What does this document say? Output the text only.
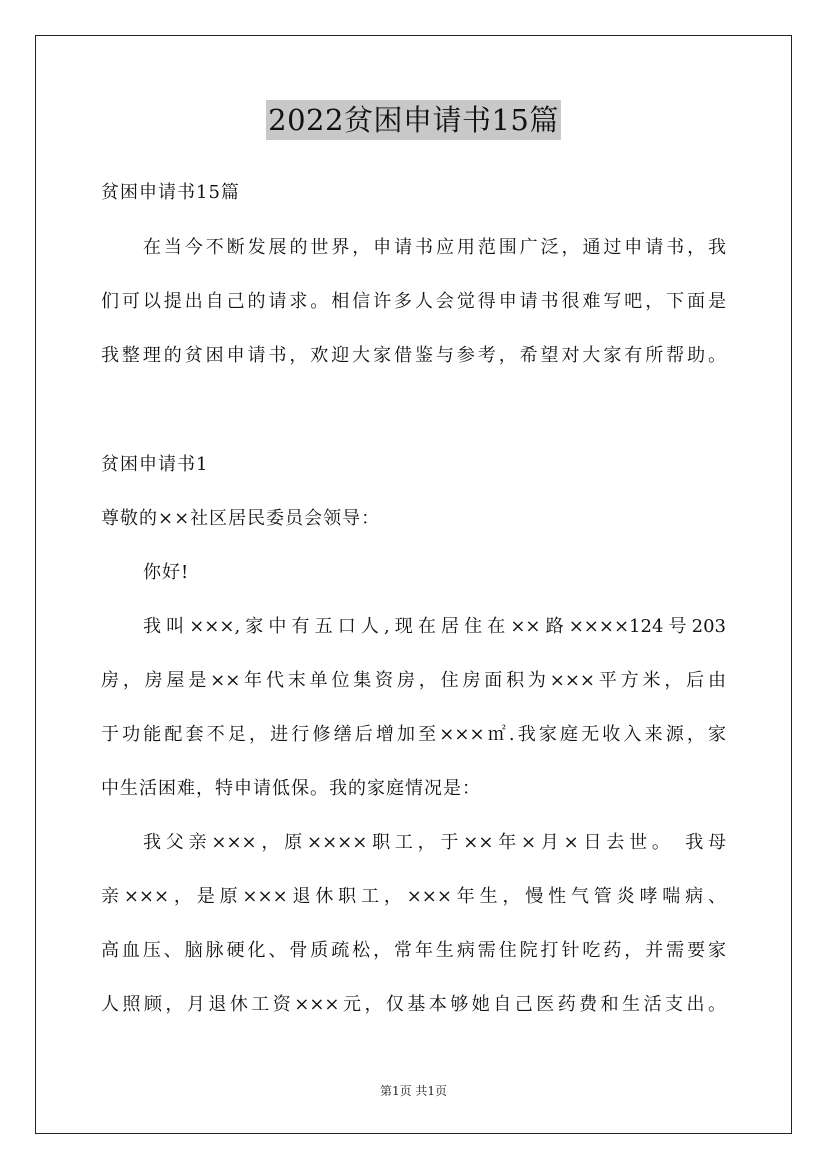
2022贫困申请书15篇
贫困申请书15篇
在当今不断发展的世界，申请书应用范围广泛，通过申请书，我
们可以提出自己的请求。相信许多人会觉得申请书很难写吧，下面是
我整理的贫困申请书，欢迎大家借鉴与参考，希望对大家有所帮助。
贫困申请书1
尊敬的××社区居民委员会领导：
你好!
我叫×××,家中有五口人,现在居住在××路××××124号203
房，房屋是××年代末单位集资房，住房面积为×××平方米，后由
于功能配套不足，进行修缮后增加至×××㎡.我家庭无收入来源，家
中生活困难，特申请低保。我的家庭情况是：
我父亲×××，原××××职工，于××年×月×日去世。 我母
亲×××，是原×××退休职工，×××年生，慢性气管炎哮喘病、
高血压、脑脉硬化、骨质疏松，常年生病需住院打针吃药，并需要家
人照顾，月退休工资×××元，仅基本够她自己医药费和生活支出。
第1页 共1页
